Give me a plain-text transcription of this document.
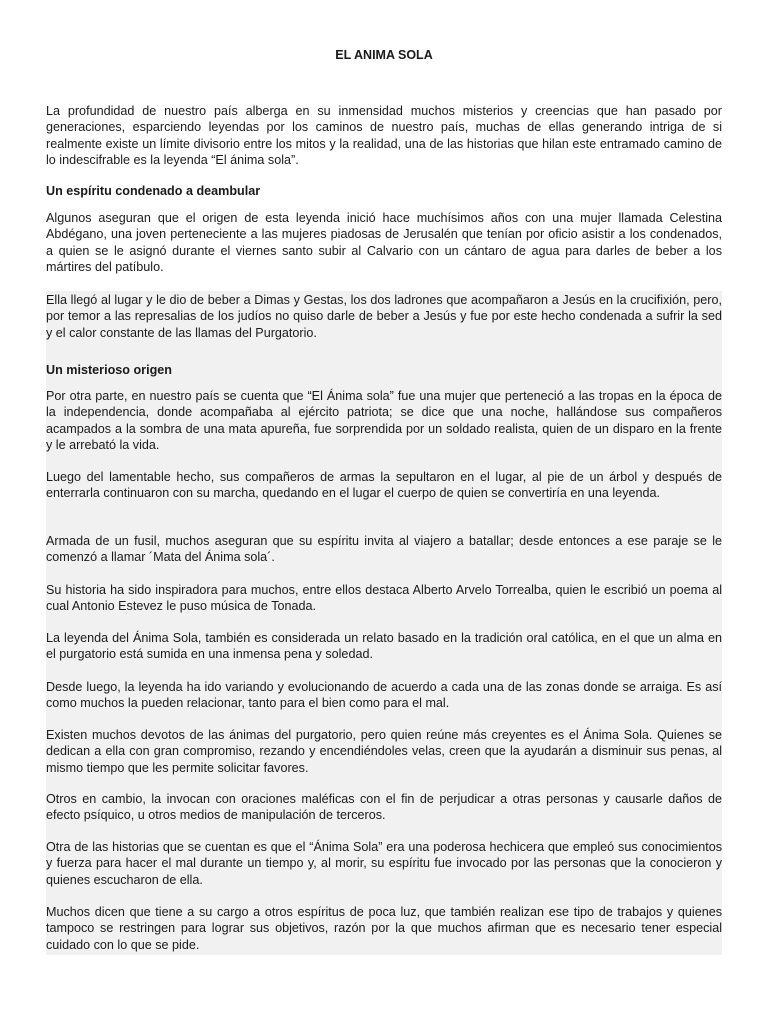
EL ANIMA SOLA

La profundidad de nuestro país alberga en su inmensidad muchos misterios y creencias que han pasado por generaciones, esparciendo leyendas por los caminos de nuestro país, muchas de ellas generando intriga de si realmente existe un límite divisorio entre los mitos y la realidad, una de las historias que hilan este entramado camino de lo indescifrable es la leyenda “El ánima sola”.

Un espíritu condenado a deambular

Algunos aseguran que el origen de esta leyenda inició hace muchísimos años con una mujer llamada Celestina Abdégano, una joven perteneciente a las mujeres piadosas de Jerusalén que tenían por oficio asistir a los condenados, a quien se le asignó durante el viernes santo subir al Calvario con un cántaro de agua para darles de beber a los mártires del patíbulo.

Ella llegó al lugar y le dio de beber a Dimas y Gestas, los dos ladrones que acompañaron a Jesús en la crucifixión, pero, por temor a las represalias de los judíos no quiso darle de beber a Jesús y fue por este hecho condenada a sufrir la sed y el calor constante de las llamas del Purgatorio.

Un misterioso origen

Por otra parte, en nuestro país se cuenta que “El Ánima sola” fue una mujer que perteneció a las tropas en la época de la independencia, donde acompañaba al ejército patriota; se dice que una noche, hallándose sus compañeros acampados a la sombra de una mata apureña, fue sorprendida por un soldado realista, quien de un disparo en la frente y le arrebató la vida.

Luego del lamentable hecho, sus compañeros de armas la sepultaron en el lugar, al pie de un árbol y después de enterrarla continuaron con su marcha, quedando en el lugar el cuerpo de quien se convertiría en una leyenda.

Armada de un fusil, muchos aseguran que su espíritu invita al viajero a batallar; desde entonces a ese paraje se le comenzó a llamar ´Mata del Ánima sola´.

Su historia ha sido inspiradora para muchos, entre ellos destaca Alberto Arvelo Torrealba, quien le escribió un poema al cual Antonio Estevez le puso música de Tonada.

La leyenda del Ánima Sola, también es considerada un relato basado en la tradición oral católica, en el que un alma en el purgatorio está sumida en una inmensa pena y soledad.

Desde luego, la leyenda ha ido variando y evolucionando de acuerdo a cada una de las zonas donde se arraiga. Es así como muchos la pueden relacionar, tanto para el bien como para el mal.

Existen muchos devotos de las ánimas del purgatorio, pero quien reúne más creyentes es el Ánima Sola. Quienes se dedican a ella con gran compromiso, rezando y encendiéndoles velas, creen que la ayudarán a disminuir sus penas, al mismo tiempo que les permite solicitar favores.

Otros en cambio, la invocan con oraciones maléficas con el fin de perjudicar a otras personas y causarle daños de efecto psíquico, u otros medios de manipulación de terceros.

Otra de las historias que se cuentan es que el “Ánima Sola” era una poderosa hechicera que empleó sus conocimientos y fuerza para hacer el mal durante un tiempo y, al morir, su espíritu fue invocado por las personas que la conocieron y quienes escucharon de ella.

Muchos dicen que tiene a su cargo a otros espíritus de poca luz, que también realizan ese tipo de trabajos y quienes tampoco se restringen para lograr sus objetivos, razón por la que muchos afirman que es necesario tener especial cuidado con lo que se pide.
